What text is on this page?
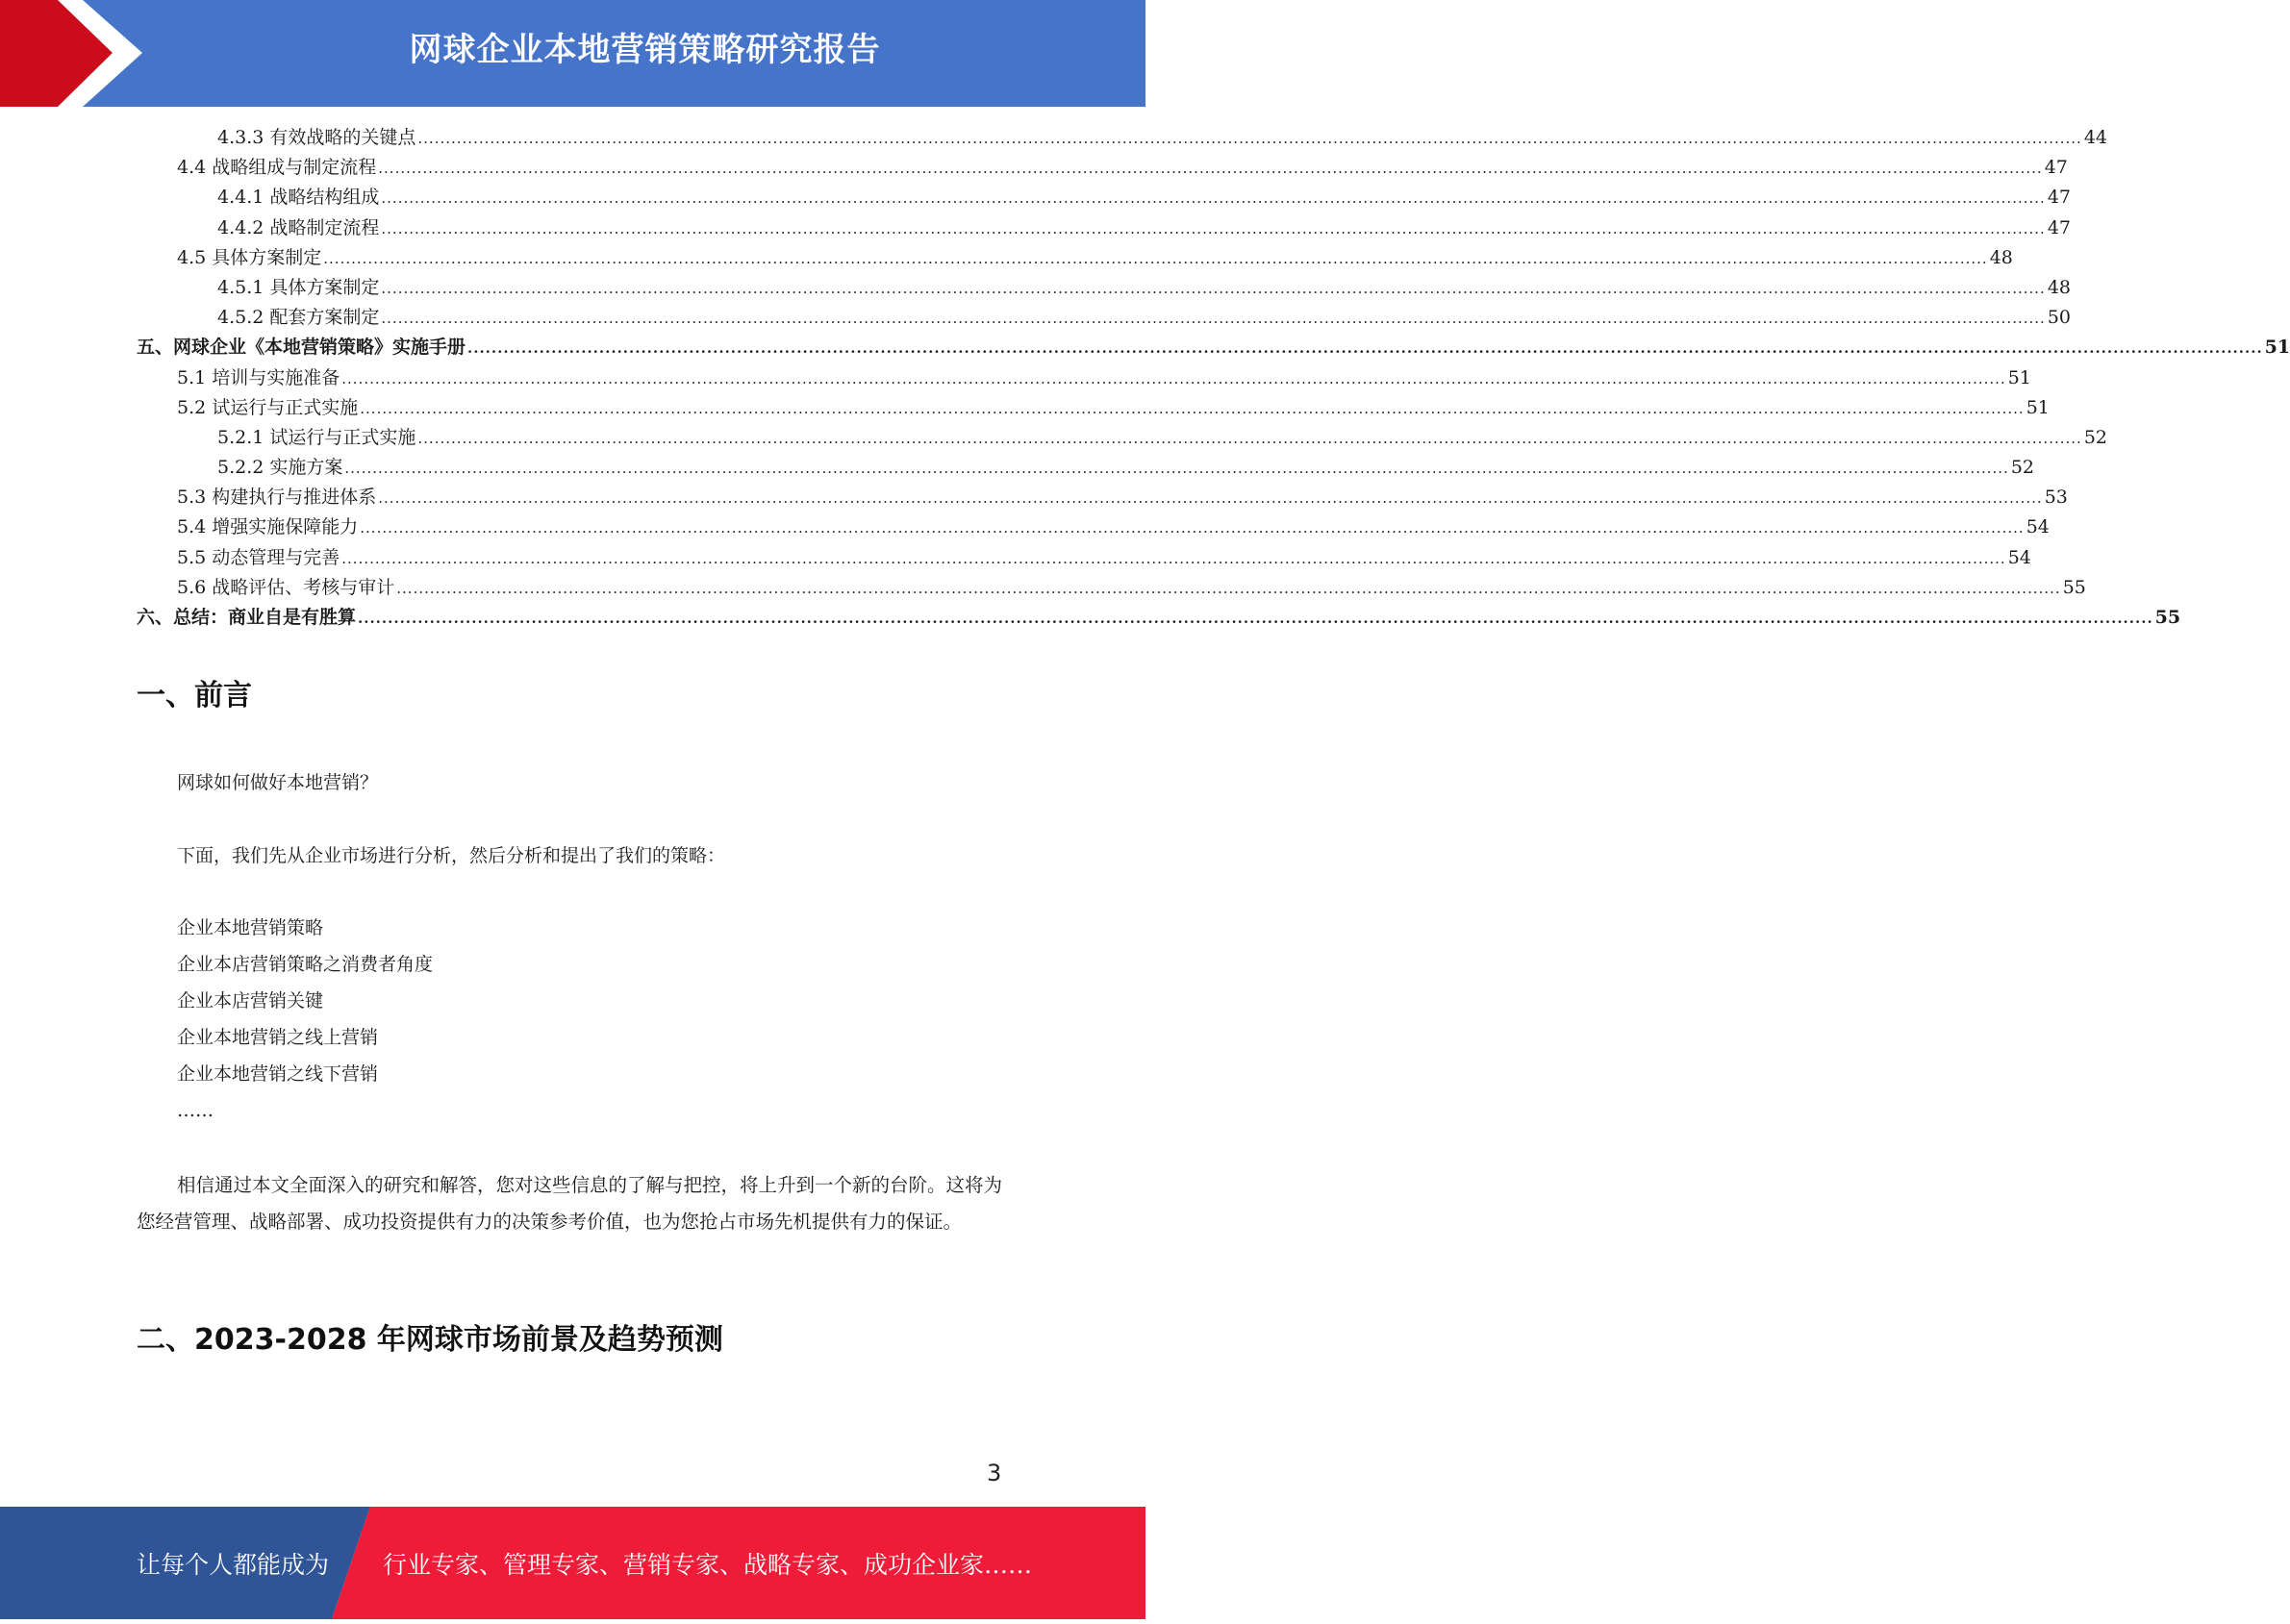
网球企业本地营销策略研究报告
4.3.3 有效战略的关键点 ............................................................................................................................................................................................................................................................................................................ 44
4.4 战略组成与制定流程 ............................................................................................................................................................................................................................................................................................................ 47
4.4.1 战略结构组成 ............................................................................................................................................................................................................................................................................................................ 47
4.4.2 战略制定流程 ............................................................................................................................................................................................................................................................................................................ 47
4.5 具体方案制定 ............................................................................................................................................................................................................................................................................................................ 48
4.5.1 具体方案制定 ............................................................................................................................................................................................................................................................................................................ 48
4.5.2 配套方案制定 ............................................................................................................................................................................................................................................................................................................ 50
五、网球企业《本地营销策略》实施手册 ............................................................................................................................................................................................................................................................................................................ 51
5.1 培训与实施准备 ............................................................................................................................................................................................................................................................................................................ 51
5.2 试运行与正式实施 ............................................................................................................................................................................................................................................................................................................ 51
5.2.1 试运行与正式实施 ............................................................................................................................................................................................................................................................................................................ 52
5.2.2 实施方案 ............................................................................................................................................................................................................................................................................................................ 52
5.3 构建执行与推进体系 ............................................................................................................................................................................................................................................................................................................ 53
5.4 增强实施保障能力 ............................................................................................................................................................................................................................................................................................................ 54
5.5 动态管理与完善 ............................................................................................................................................................................................................................................................................................................ 54
5.6 战略评估、考核与审计 ............................................................................................................................................................................................................................................................................................................ 55
六、总结：商业自是有胜算 ............................................................................................................................................................................................................................................................................................................ 55
一、前言
网球如何做好本地营销？
下面，我们先从企业市场进行分析，然后分析和提出了我们的策略：
企业本地营销策略
企业本店营销策略之消费者角度
企业本店营销关键
企业本地营销之线上营销
企业本地营销之线下营销
……
相信通过本文全面深入的研究和解答，您对这些信息的了解与把控，将上升到一个新的台阶。这将为您经营管理、战略部署、成功投资提供有力的决策参考价值，也为您抢占市场先机提供有力的保证。
二、2023-2028 年网球市场前景及趋势预测
3
让每个人都能成为 行业专家、管理专家、营销专家、战略专家、成功企业家……
